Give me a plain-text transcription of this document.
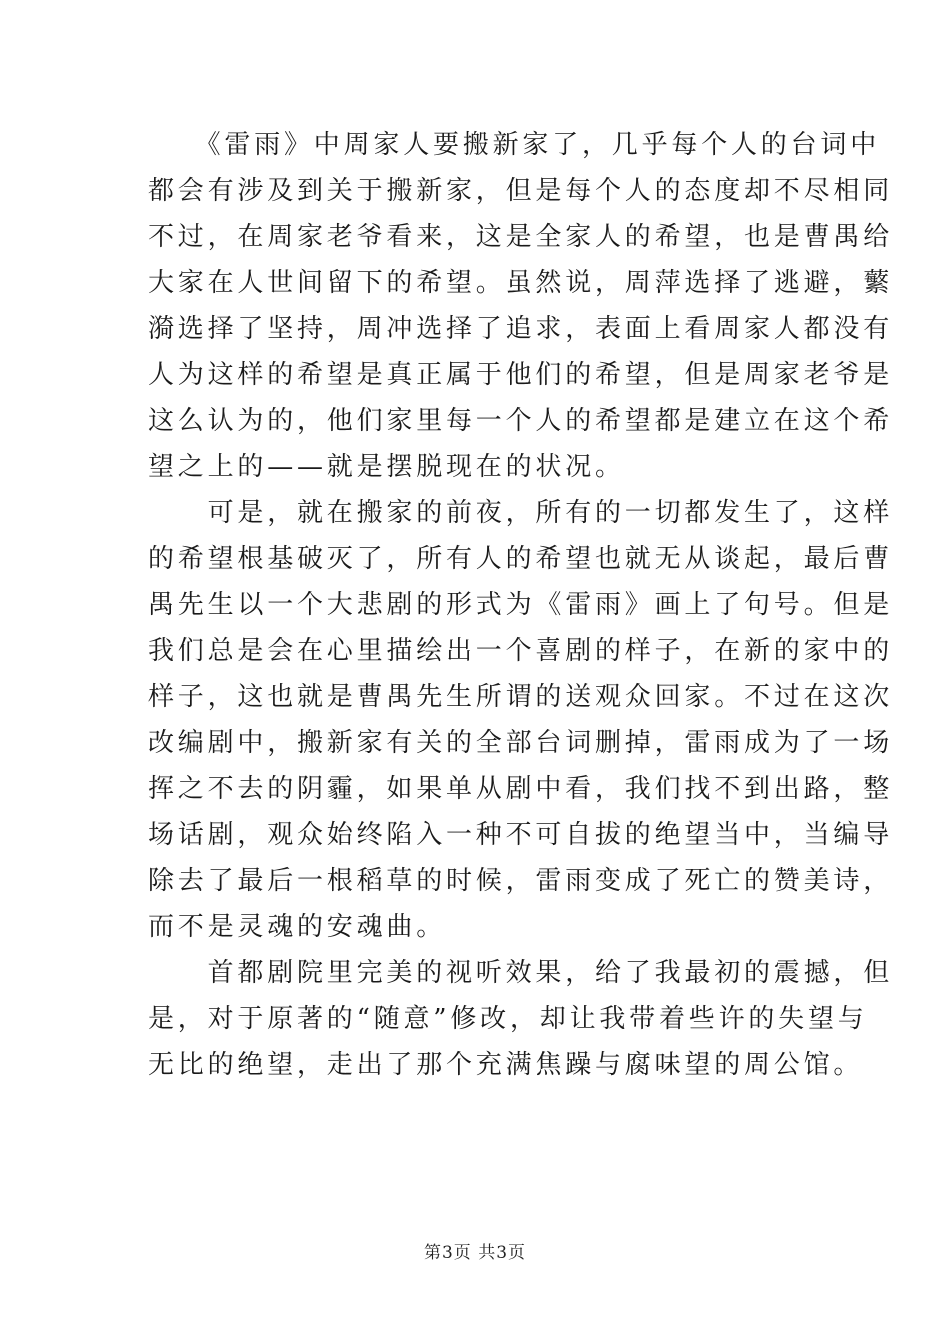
　　《雷雨》中周家人要搬新家了，几乎每个人的台词中
都会有涉及到关于搬新家，但是每个人的态度却不尽相同
不过，在周家老爷看来，这是全家人的希望，也是曹禺给
大家在人世间留下的希望。虽然说，周萍选择了逃避，蘩
漪选择了坚持，周冲选择了追求，表面上看周家人都没有
人为这样的希望是真正属于他们的希望，但是周家老爷是
这么认为的，他们家里每一个人的希望都是建立在这个希
望之上的——就是摆脱现在的状况。
　　可是，就在搬家的前夜，所有的一切都发生了，这样
的希望根基破灭了，所有人的希望也就无从谈起，最后曹
禺先生以一个大悲剧的形式为《雷雨》画上了句号。但是
我们总是会在心里描绘出一个喜剧的样子，在新的家中的
样子，这也就是曹禺先生所谓的送观众回家。不过在这次
改编剧中，搬新家有关的全部台词删掉，雷雨成为了一场
挥之不去的阴霾，如果单从剧中看，我们找不到出路，整
场话剧，观众始终陷入一种不可自拔的绝望当中，当编导
除去了最后一根稻草的时候，雷雨变成了死亡的赞美诗，
而不是灵魂的安魂曲。
　　首都剧院里完美的视听效果，给了我最初的震撼，但
是，对于原著的“随意”修改，却让我带着些许的失望与
无比的绝望，走出了那个充满焦躁与腐味望的周公馆。
第3页 共3页
